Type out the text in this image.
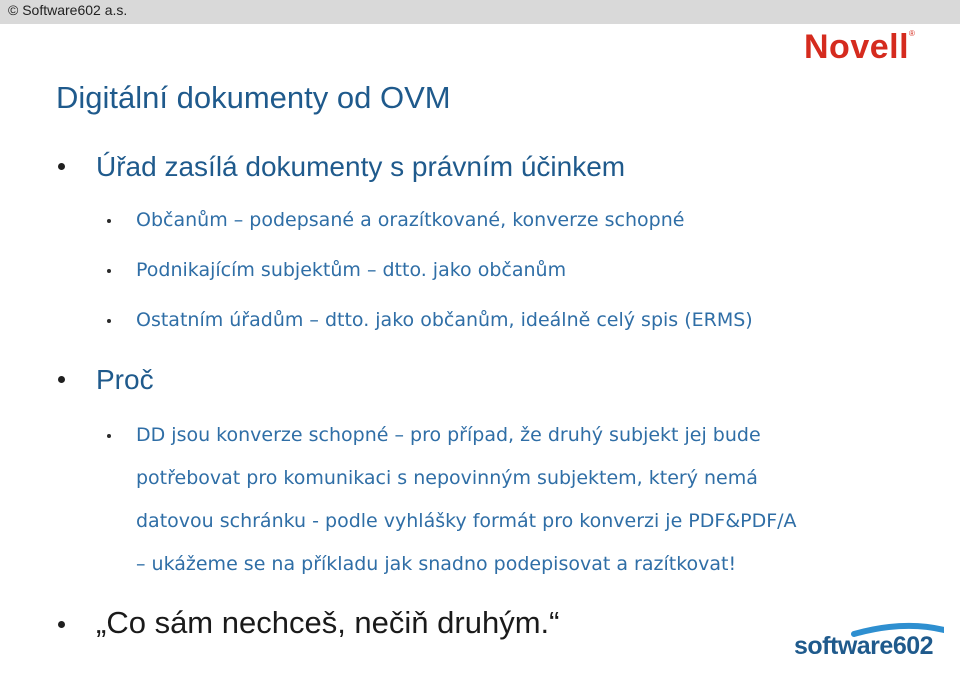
© Software602 a.s.
Novell®
Digitální dokumenty od OVM
Úřad zasílá dokumenty s právním účinkem
Občanům – podepsané a orazítkované, konverze schopné
Podnikajícím subjektům – dtto. jako občanům
Ostatním úřadům – dtto. jako občanům, ideálně celý spis (ERMS)
Proč
DD jsou konverze schopné – pro případ, že druhý subjekt jej bude
potřebovat pro komunikaci s nepovinným subjektem, který nemá
datovou schránku - podle vyhlášky formát pro konverzi je PDF&PDF/A
– ukážeme se na příkladu jak snadno podepisovat a razítkovat!
„Co sám nechceš, nečiň druhým.“
software602
